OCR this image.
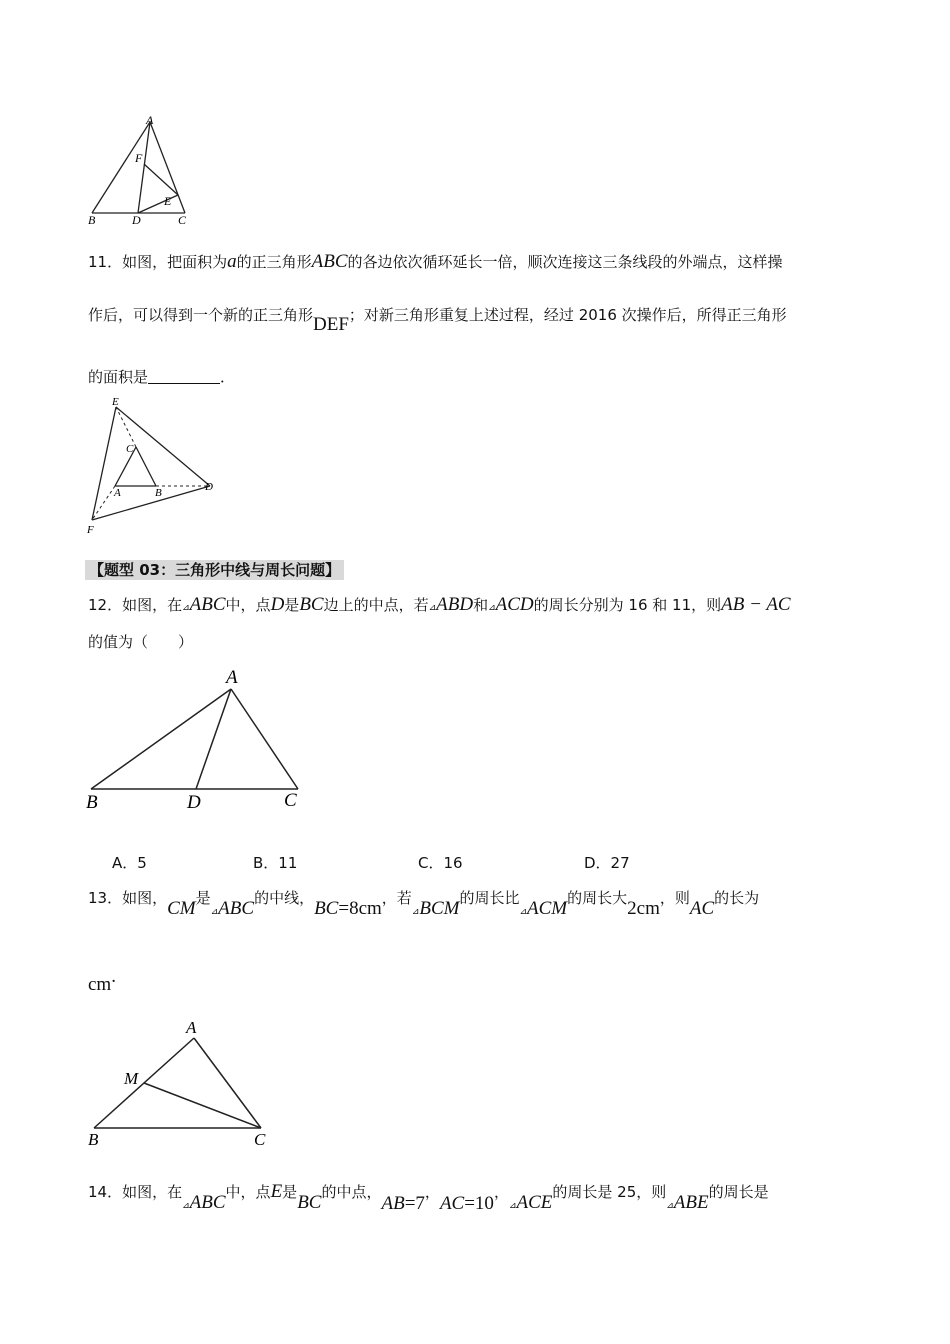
A
F
E
B	D	C
11．如图，把面积为a的正三角形ABC的各边依次循环延长一倍，顺次连接这三条线段的外端点，这样操
作后，可以得到一个新的正三角形DEF；对新三角形重复上述过程，经过 2016 次操作后，所得正三角形
的面积是	．
E
C
A	B	D
F
【题型 03：三角形中线与周长问题】
12．如图，在⊿ABC中，点D是BC边上的中点，若⊿ABD和⊿ACD的周长分别为 16 和 11，则AB − AC
的值为（　　）
A
B	D	C
A．5	B．11	C．16	D．27
13．如图，CM是⊿ABC的中线，BC=8cm，若⊿BCM的周长比⊿ACM的周长大2cm，则AC的长为
cm.
A
M
B	C
14．如图，在⊿ABC中，点E是BC的中点，AB=7，AC=10，⊿ACE的周长是 25，则⊿ABE的周长是
